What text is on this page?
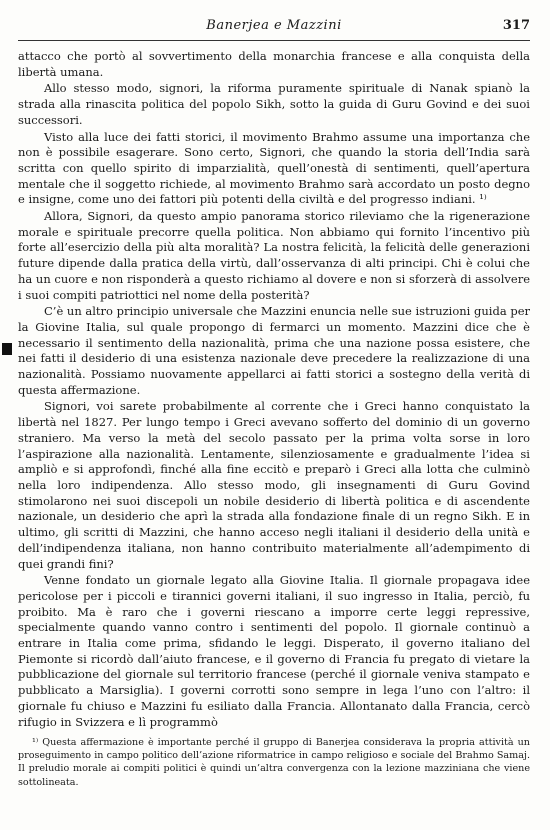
Banerjea e Mazzini	317

attacco che portò al sovvertimento della monarchia francese e alla conquista della libertà umana.

Allo stesso modo, signori, la riforma puramente spirituale di Nanak spianò la strada alla rinascita politica del popolo Sikh, sotto la guida di Guru Govind e dei suoi successori.

Visto alla luce dei fatti storici, il movimento Brahmo assume una importanza che non è possibile esagerare. Sono certo, Signori, che quando la storia dell’India sarà scritta con quello spirito di imparzialità, quell’onestà di sentimenti, quell’apertura mentale che il soggetto richiede, al movimento Brahmo sarà accordato un posto degno e insigne, come uno dei fattori più potenti della civiltà e del progresso indiani. ¹⁾

Allora, Signori, da questo ampio panorama storico rileviamo che la rigenerazione morale e spirituale precorre quella politica. Non abbiamo qui fornito l’incentivo più forte all’esercizio della più alta moralità? La nostra felicità, la felicità delle generazioni future dipende dalla pratica della virtù, dall’osservanza di alti principi. Chi è colui che ha un cuore e non risponderà a questo richiamo al dovere e non si sforzerà di assolvere i suoi compiti patriottici nel nome della posterità?

C’è un altro principio universale che Mazzini enuncia nelle sue istruzioni guida per la Giovine Italia, sul quale propongo di fermarci un momento. Mazzini dice che è necessario il sentimento della nazionalità, prima che una nazione possa esistere, che nei fatti il desiderio di una esistenza nazionale deve precedere la realizzazione di una nazionalità. Possiamo nuovamente appellarci ai fatti storici a sostegno della verità di questa affermazione.

Signori, voi sarete probabilmente al corrente che i Greci hanno conquistato la libertà nel 1827. Per lungo tempo i Greci avevano sofferto del dominio di un governo straniero. Ma verso la metà del secolo passato per la prima volta sorse in loro l’aspirazione alla nazionalità. Lentamente, silenziosamente e gradualmente l’idea si ampliò e si approfondì, finché alla fine eccitò e preparò i Greci alla lotta che culminò nella loro indipendenza. Allo stesso modo, gli insegnamenti di Guru Govind stimolarono nei suoi discepoli un nobile desiderio di libertà politica e di ascendente nazionale, un desiderio che aprì la strada alla fondazione finale di un regno Sikh. E in ultimo, gli scritti di Mazzini, che hanno acceso negli italiani il desiderio della unità e dell’indipendenza italiana, non hanno contribuito materialmente all’adempimento di quei grandi fini?

Venne fondato un giornale legato alla Giovine Italia. Il giornale propagava idee pericolose per i piccoli e tirannici governi italiani, il suo ingresso in Italia, perciò, fu proibito. Ma è raro che i governi riescano a imporre certe leggi repressive, specialmente quando vanno contro i sentimenti del popolo. Il giornale continuò a entrare in Italia come prima, sfidando le leggi. Disperato, il governo italiano del Piemonte si ricordò dall’aiuto francese, e il governo di Francia fu pregato di vietare la pubblicazione del giornale sul territorio francese (perché il giornale veniva stampato e pubblicato a Marsiglia). I governi corrotti sono sempre in lega l’uno con l’altro: il giornale fu chiuso e Mazzini fu esiliato dalla Francia. Allontanato dalla Francia, cercò rifugio in Svizzera e lì programmò

¹⁾ Questa affermazione è importante perché il gruppo di Banerjea considerava la propria attività un proseguimento in campo politico dell’azione riformatrice in campo religioso e sociale del Brahmo Samaj. Il preludio morale ai compiti politici è quindi un’altra convergenza con la lezione mazziniana che viene sottolineata.
